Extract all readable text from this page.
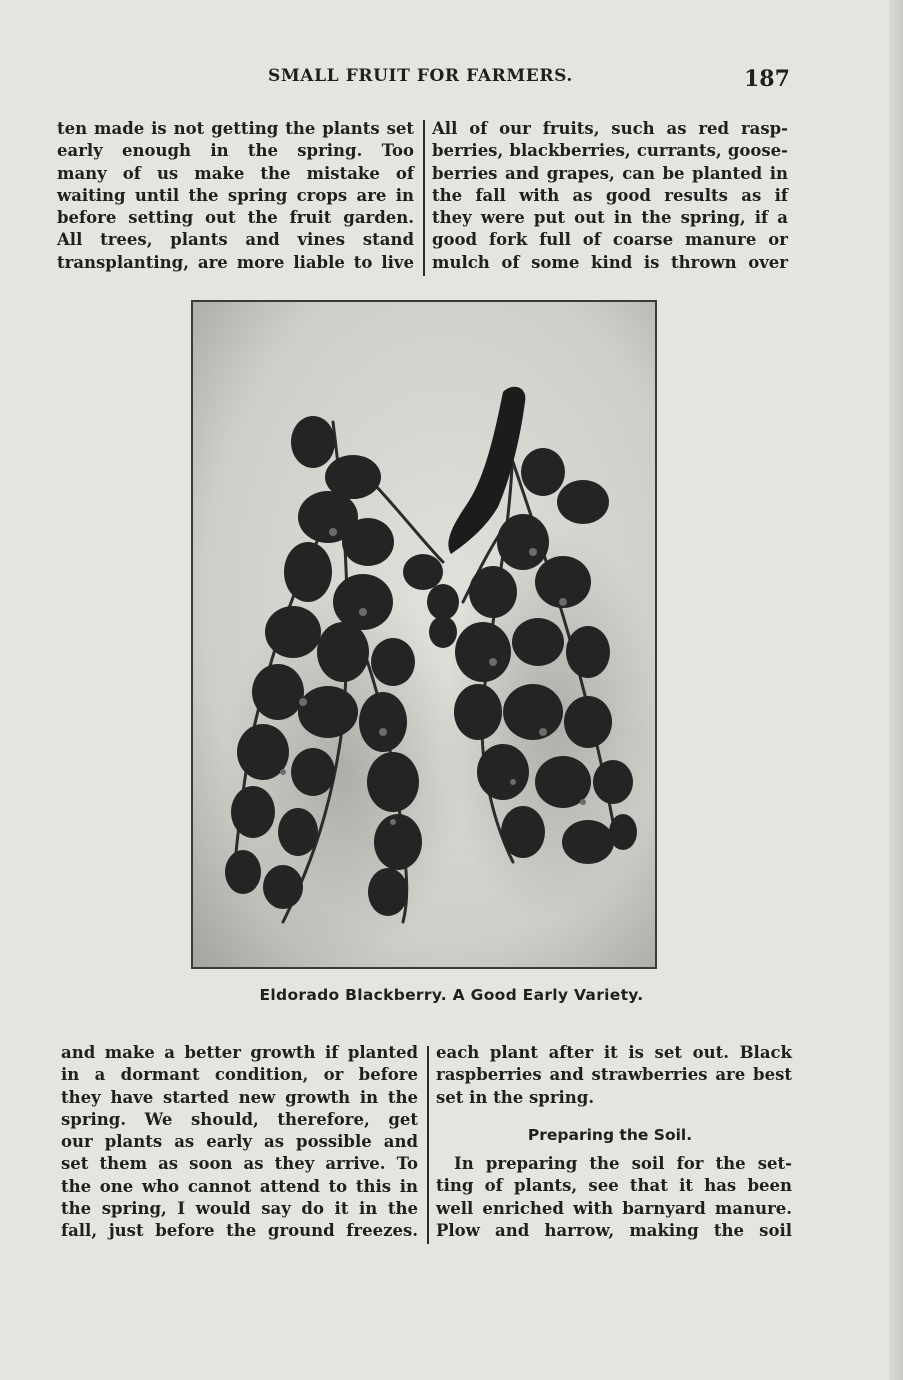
SMALL FRUIT FOR FARMERS.	187
ten made is not getting the plants set
early enough in the spring. Too
many of us make the mistake of
waiting until the spring crops are in
before setting out the fruit garden.
All trees, plants and vines stand
transplanting, are more liable to live
All of our fruits, such as red rasp-
berries, blackberries, currants, goose-
berries and grapes, can be planted in
the fall with as good results as if
they were put out in the spring, if a
good fork full of coarse manure or
mulch of some kind is thrown over
Eldorado Blackberry. A Good Early Variety.
and make a better growth if planted
in a dormant condition, or before
they have started new growth in the
spring. We should, therefore, get
our plants as early as possible and
set them as soon as they arrive. To
the one who cannot attend to this in
the spring, I would say do it in the
fall, just before the ground freezes.
each plant after it is set out. Black
raspberries and strawberries are best
set in the spring.
Preparing the Soil.
In preparing the soil for the set-
ting of plants, see that it has been
well enriched with barnyard manure.
Plow and harrow, making the soil
